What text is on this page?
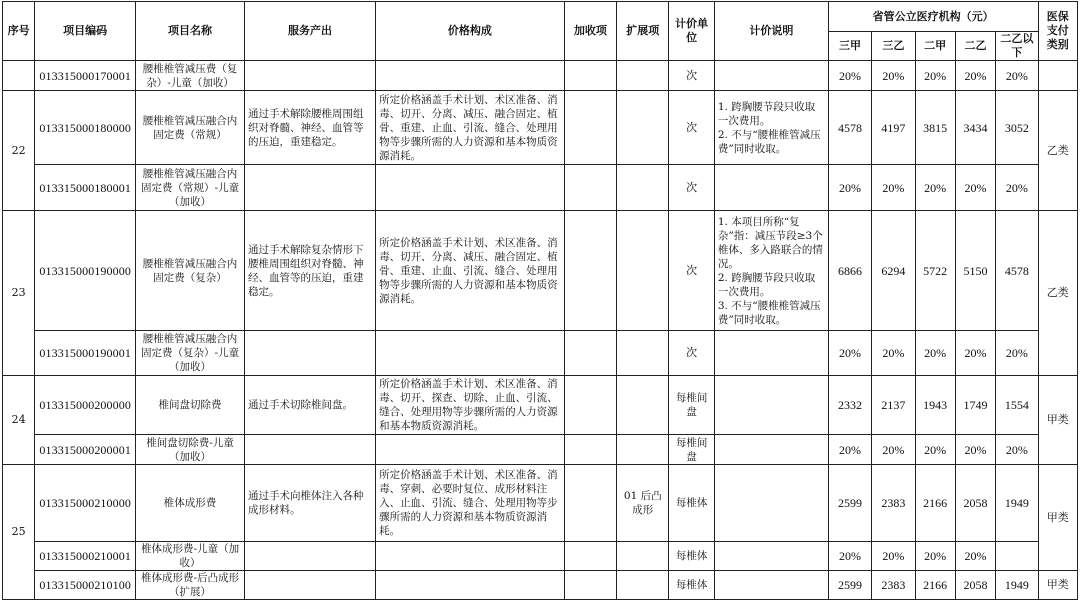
序号	项目编码	项目名称	服务产出	价格构成	加收项	扩展项	计价单位	计价说明	省管公立医疗机构（元）					医保支付类别
									三甲	三乙	二甲	二乙	二乙以下	
	013315000170001	腰椎椎管减压费（复杂）-儿童（加收）					次		20%	20%	20%	20%	20%	
22	013315000180000	腰椎椎管减压融合内固定费（常规）	通过手术解除腰椎周围组织对脊髓、神经、血管等的压迫，重建稳定。	所定价格涵盖手术计划、术区准备、消毒、切开、分离、减压、融合固定、植骨、重建、止血、引流、缝合、处理用物等步骤所需的人力资源和基本物质资源消耗。			次	1. 跨胸腰节段只收取一次费用。
2. 不与“腰椎椎管减压费”同时收取。	4578	4197	3815	3434	3052	乙类
	013315000180001	腰椎椎管减压融合内固定费（常规）-儿童（加收）					次		20%	20%	20%	20%	20%	
23	013315000190000	腰椎椎管减压融合内固定费（复杂）	通过手术解除复杂情形下腰椎周围组织对脊髓、神经、血管等的压迫，重建稳定。	所定价格涵盖手术计划、术区准备、消毒、切开、分离、减压、融合固定、植骨、重建、止血、引流、缝合、处理用物等步骤所需的人力资源和基本物质资源消耗。			次	1. 本项目所称“复杂”指：减压节段≥3个椎体、多入路联合的情况。
2. 跨胸腰节段只收取一次费用。
3. 不与“腰椎椎管减压费”同时收取。	6866	6294	5722	5150	4578	乙类
	013315000190001	腰椎椎管减压融合内固定费（复杂）-儿童（加收）					次		20%	20%	20%	20%	20%	
24	013315000200000	椎间盘切除费	通过手术切除椎间盘。	所定价格涵盖手术计划、术区准备、消毒、切开、探查、切除、止血、引流、缝合、处理用物等步骤所需的人力资源和基本物质资源消耗。			每椎间盘		2332	2137	1943	1749	1554	甲类
	013315000200001	椎间盘切除费-儿童（加收）					每椎间盘		20%	20%	20%	20%	20%	
25	013315000210000	椎体成形费	通过手术向椎体注入各种成形材料。	所定价格涵盖手术计划、术区准备、消毒、穿刺、必要时复位、成形材料注入、止血、引流、缝合、处理用物等步骤所需的人力资源和基本物质资源消耗。		01 后凸成形	每椎体		2599	2383	2166	2058	1949	甲类
	013315000210001	椎体成形费-儿童（加收）					每椎体		20%	20%	20%	20%		
	013315000210100	椎体成形费-后凸成形（扩展）					每椎体		2599	2383	2166	2058	1949	甲类
